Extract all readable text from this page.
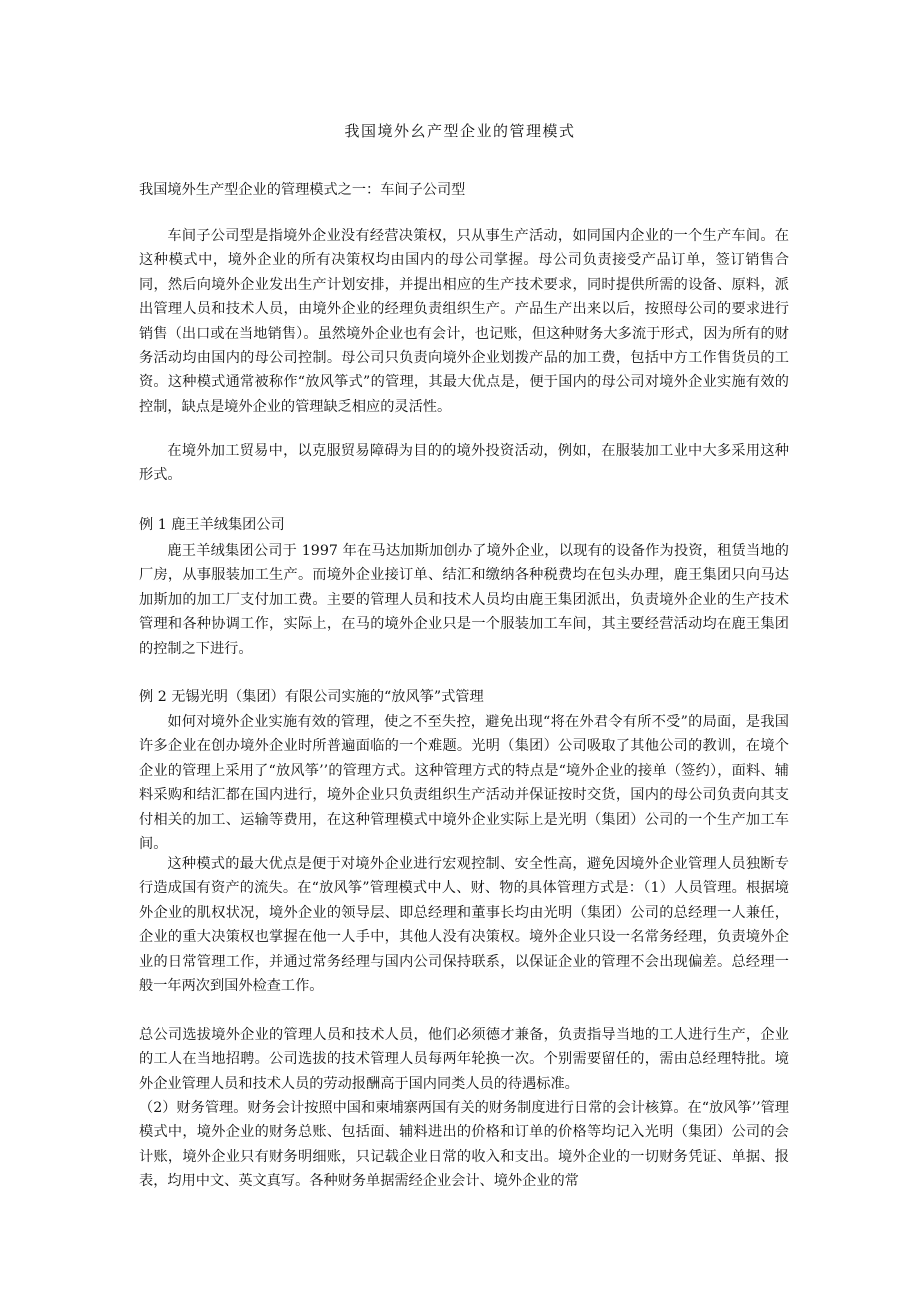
我国境外幺产型企业的管理模式

我国境外生产型企业的管理模式之一：车间子公司型

车间子公司型是指境外企业没有经营决策权，只从事生产活动，如同国内企业的一个生产车间。在这种模式中，境外企业的所有决策权均由国内的母公司掌握。母公司负责接受产品订单，签订销售合同，然后向境外企业发出生产计划安排，并提出相应的生产技术要求，同时提供所需的设备、原料，派出管理人员和技术人员，由境外企业的经理负责组织生产。产品生产出来以后，按照母公司的要求进行销售（出口或在当地销售）。虽然境外企业也有会计，也记账，但这种财务大多流于形式，因为所有的财务活动均由国内的母公司控制。母公司只负责向境外企业划拨产品的加工费，包括中方工作售货员的工资。这种模式通常被称作“放风筝式”的管理，其最大优点是，便于国内的母公司对境外企业实施有效的控制，缺点是境外企业的管理缺乏相应的灵活性。

在境外加工贸易中，以克服贸易障碍为目的的境外投资活动，例如，在服装加工业中大多采用这种形式。

例 1 鹿王羊绒集团公司

鹿王羊绒集团公司于 1997 年在马达加斯加创办了境外企业，以现有的设备作为投资，租赁当地的厂房，从事服装加工生产。而境外企业接订单、结汇和缴纳各种税费均在包头办理，鹿王集团只向马达加斯加的加工厂支付加工费。主要的管理人员和技术人员均由鹿王集团派出，负责境外企业的生产技术管理和各种协调工作，实际上，在马的境外企业只是一个服装加工车间，其主要经营活动均在鹿王集团的控制之下进行。

例 2 无锡光明（集团）有限公司实施的“放风筝”式管理

如何对境外企业实施有效的管理，使之不至失控，避免出现“将在外君令有所不受”的局面，是我国许多企业在创办境外企业时所普遍面临的一个难题。光明（集团）公司吸取了其他公司的教训，在境个企业的管理上采用了“放风筝’’的管理方式。这种管理方式的特点是“境外企业的接单（签约），面料、辅料采购和结汇都在国内进行，境外企业只负责组织生产活动并保证按时交货，国内的母公司负责向其支付相关的加工、运输等费用，在这种管理模式中境外企业实际上是光明（集团）公司的一个生产加工车间。

这种模式的最大优点是便于对境外企业进行宏观控制、安全性高，避免因境外企业管理人员独断专行造成国有资产的流失。在“放风筝”管理模式中人、财、物的具体管理方式是：（1）人员管理。根据境外企业的肌权状况，境外企业的领导层、即总经理和董事长均由光明（集团）公司的总经理一人兼任，企业的重大决策权也掌握在他一人手中，其他人没有决策权。境外企业只设一名常务经理，负责境外企业的日常管理工作，并通过常务经理与国内公司保持联系，以保证企业的管理不会出现偏差。总经理一般一年两次到国外检查工作。

总公司选拔境外企业的管理人员和技术人员，他们必须德才兼备，负责指导当地的工人进行生产，企业的工人在当地招聘。公司选拔的技术管理人员每两年轮换一次。个别需要留任的，需由总经理特批。境外企业管理人员和技术人员的劳动报酬高于国内同类人员的待遇标准。

（2）财务管理。财务会计按照中国和柬埔寨两国有关的财务制度进行日常的会计核算。在“放风筝’’管理模式中，境外企业的财务总账、包括面、辅料进出的价格和订单的价格等均记入光明（集团）公司的会计账，境外企业只有财务明细账，只记载企业日常的收入和支出。境外企业的一切财务凭证、单据、报表，均用中文、英文真写。各种财务单据需经企业会计、境外企业的常
